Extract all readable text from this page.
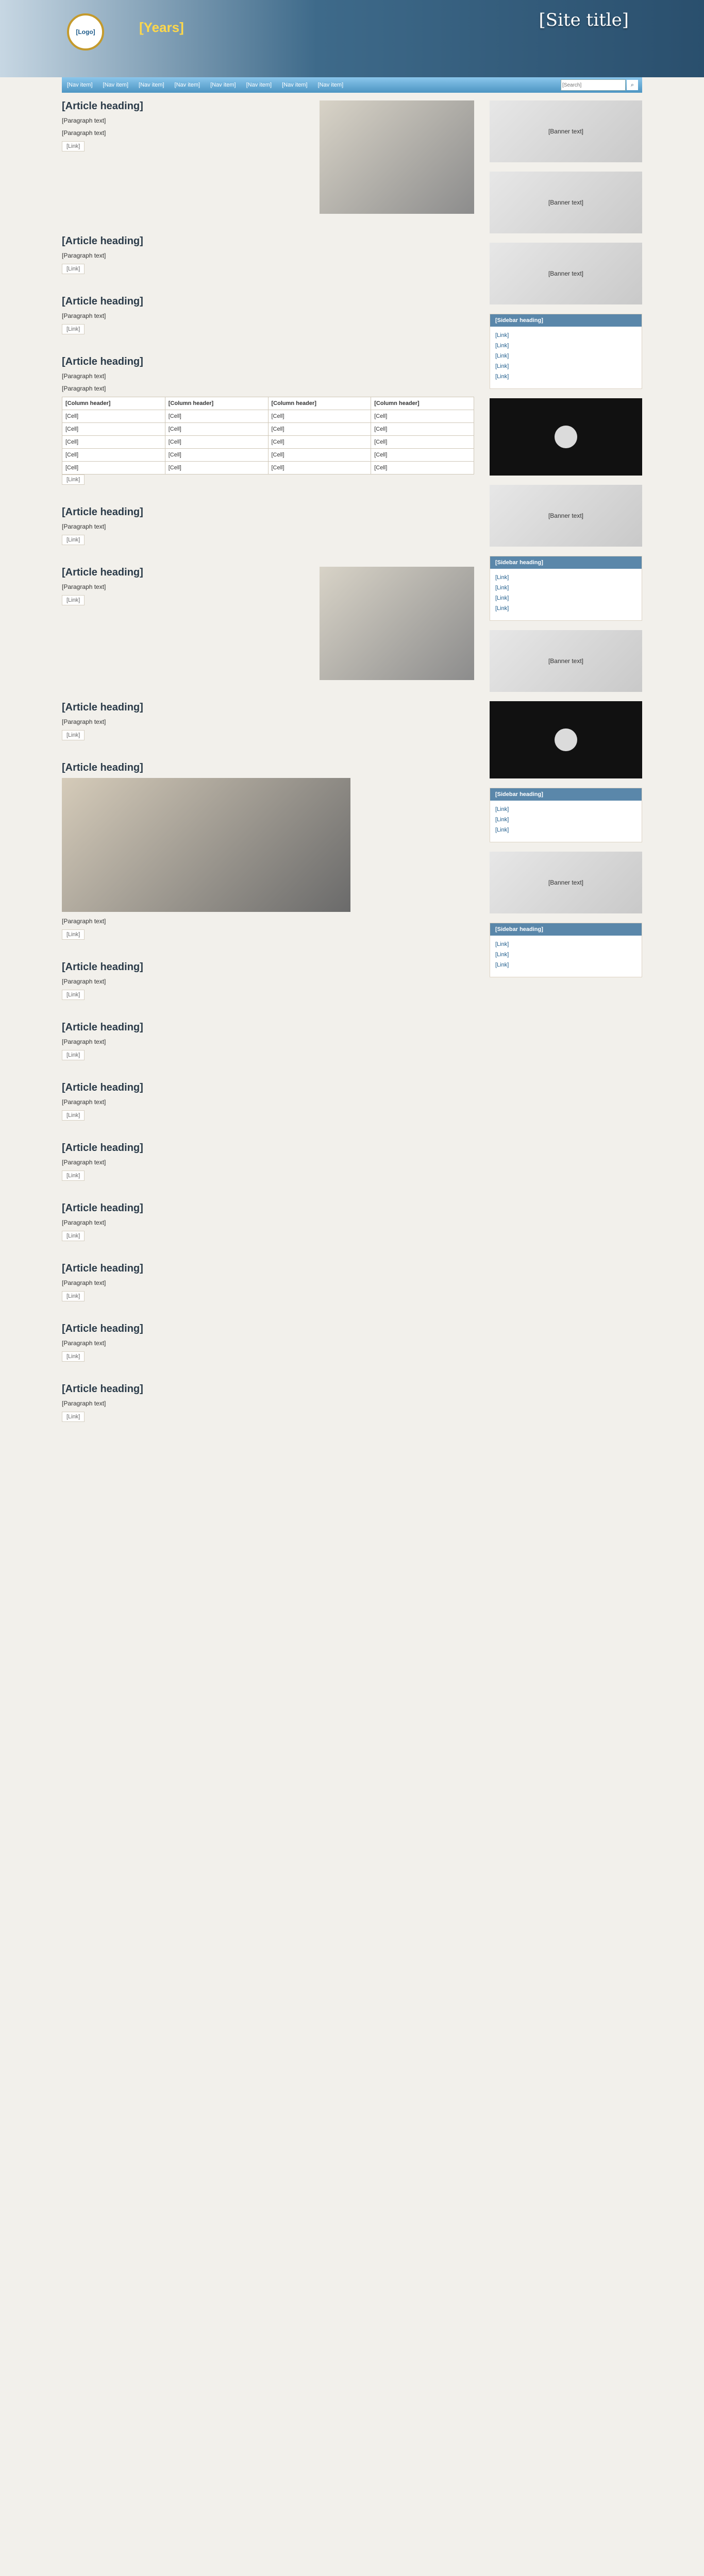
[Logo]	[Years]	[Site title]
[Nav item]	[Nav item]	[Nav item]	[Nav item]	[Nav item]	[Nav item]	[Nav item]	[Nav item]
[Search]	⌕
[Article heading]

[Paragraph text]

[Paragraph text]

[Link]
[Article heading]

[Paragraph text]

[Link]
[Article heading]

[Paragraph text]

[Link]
[Article heading]

[Paragraph text]

[Paragraph text]

[Column header]	[Column header]	[Column header]	[Column header]
[Cell]	[Cell]	[Cell]	[Cell]
[Cell]	[Cell]	[Cell]	[Cell]
[Cell]	[Cell]	[Cell]	[Cell]
[Cell]	[Cell]	[Cell]	[Cell]
[Cell]	[Cell]	[Cell]	[Cell]
[Link]
[Article heading]

[Paragraph text]

[Link]
[Article heading]

[Paragraph text]

[Link]
[Article heading]

[Paragraph text]

[Link]
[Article heading]

[Paragraph text]

[Link]
[Article heading]

[Paragraph text]

[Link]
[Article heading]

[Paragraph text]

[Link]
[Article heading]

[Paragraph text]

[Link]
[Article heading]

[Paragraph text]

[Link]
[Article heading]

[Paragraph text]

[Link]
[Article heading]

[Paragraph text]

[Link]
[Article heading]

[Paragraph text]

[Link]
[Article heading]

[Paragraph text]

[Link]
[Banner text]
[Banner text]
[Banner text]
[Sidebar heading]
[Link]
[Link]
[Link]
[Link]
[Link]
[Banner text]
[Sidebar heading]
[Link]
[Link]
[Link]
[Link]
[Banner text]
[Sidebar heading]
[Link]
[Link]
[Link]
[Banner text]
[Sidebar heading]
[Link]
[Link]
[Link]
